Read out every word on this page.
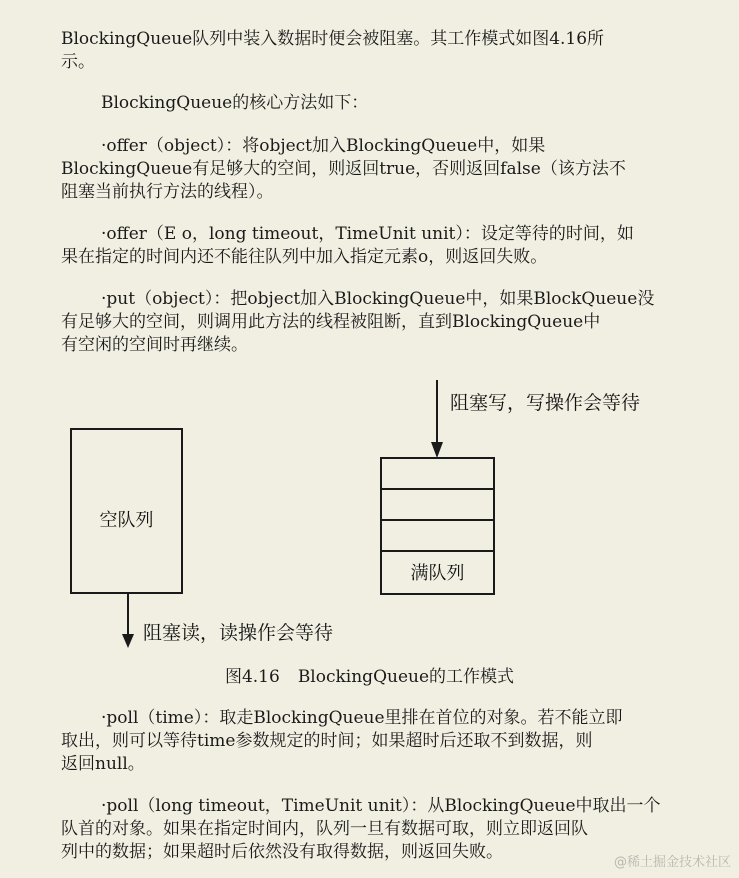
BlockingQueue队列中装入数据时便会被阻塞。其工作模式如图4.16所
示。

BlockingQueue的核心方法如下：

·offer（object）：将object加入BlockingQueue中，如果
BlockingQueue有足够大的空间，则返回true，否则返回false（该方法不
阻塞当前执行方法的线程）。

·offer（E o，long timeout，TimeUnit unit）：设定等待的时间，如
果在指定的时间内还不能往队列中加入指定元素o，则返回失败。

·put（object）：把object加入BlockingQueue中，如果BlockQueue没
有足够大的空间，则调用此方法的线程被阻断，直到BlockingQueue中
有空闲的空间时再继续。

空队列
阻塞读，读操作会等待
阻塞写，写操作会等待
满队列
图4.16 BlockingQueue的工作模式

·poll（time）：取走BlockingQueue里排在首位的对象。若不能立即
取出，则可以等待time参数规定的时间；如果超时后还取不到数据，则
返回null。

·poll（long timeout，TimeUnit unit）：从BlockingQueue中取出一个
队首的对象。如果在指定时间内，队列一旦有数据可取，则立即返回队
列中的数据；如果超时后依然没有取得数据，则返回失败。

@稀土掘金技术社区
